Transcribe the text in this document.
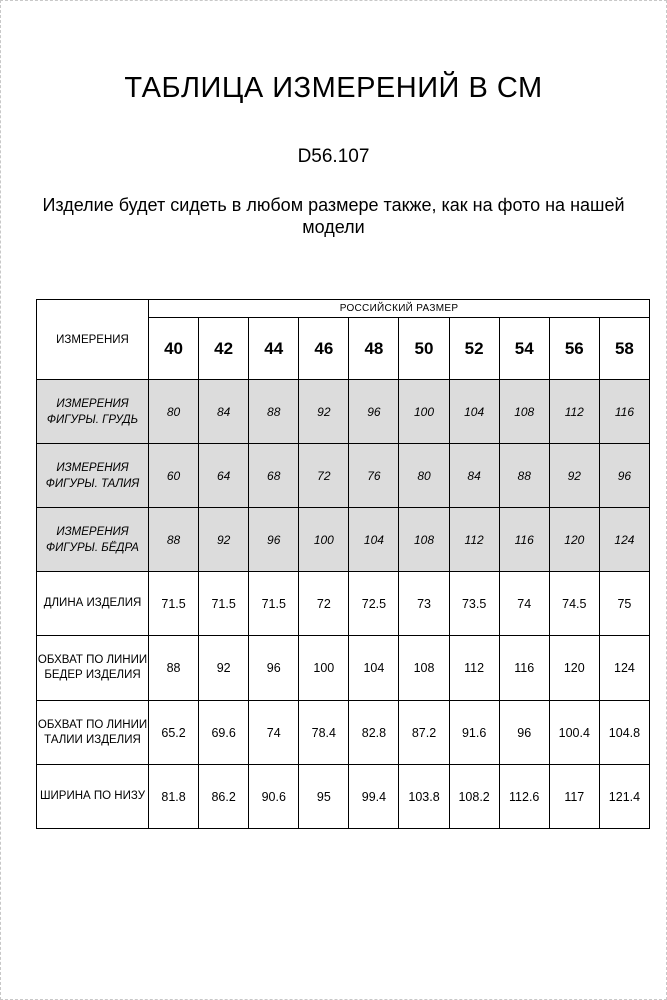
ТАБЛИЦА ИЗМЕРЕНИЙ В СМ
D56.107
Изделие будет сидеть в любом размере также, как на фото на нашей модели
ИЗМЕРЕНИЯ	РОССИЙСКИЙ РАЗМЕР									
	40	42	44	46	48	50	52	54	56	58
ИЗМЕРЕНИЯ ФИГУРЫ. ГРУДЬ	80	84	88	92	96	100	104	108	112	116
ИЗМЕРЕНИЯ ФИГУРЫ. ТАЛИЯ	60	64	68	72	76	80	84	88	92	96
ИЗМЕРЕНИЯ ФИГУРЫ. БЁДРА	88	92	96	100	104	108	112	116	120	124
ДЛИНА ИЗДЕЛИЯ	71.5	71.5	71.5	72	72.5	73	73.5	74	74.5	75
ОБХВАТ ПО ЛИНИИ БЕДЕР ИЗДЕЛИЯ	88	92	96	100	104	108	112	116	120	124
ОБХВАТ ПО ЛИНИИ ТАЛИИ ИЗДЕЛИЯ	65.2	69.6	74	78.4	82.8	87.2	91.6	96	100.4	104.8
ШИРИНА ПО НИЗУ	81.8	86.2	90.6	95	99.4	103.8	108.2	112.6	117	121.4
